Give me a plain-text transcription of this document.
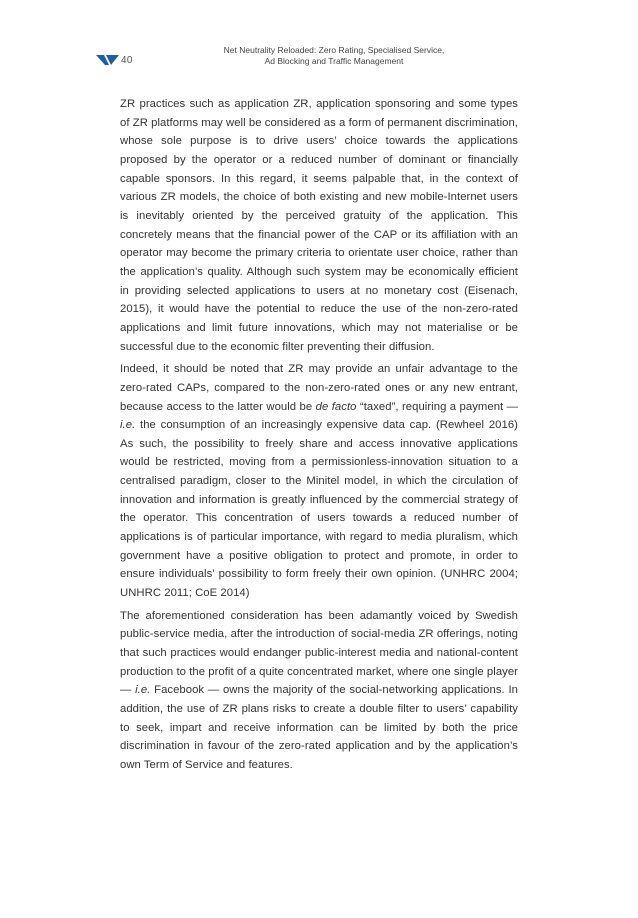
40
Net Neutrality Reloaded: Zero Rating, Specialised Service,
Ad Blocking and Traffic Management

ZR practices such as application ZR, application sponsoring and some types of ZR platforms may well be considered as a form of permanent discrimination, whose sole purpose is to drive users’ choice towards the applications proposed by the operator or a reduced number of dominant or financially capable sponsors. In this regard, it seems palpable that, in the context of various ZR models, the choice of both existing and new mobile-Internet users is inevitably oriented by the perceived gratuity of the application. This concretely means that the financial power of the CAP or its affiliation with an operator may become the primary criteria to orientate user choice, rather than the application’s quality. Although such system may be economically efficient in providing selected applications to users at no monetary cost (Eisenach, 2015), it would have the potential to reduce the use of the non-zero-rated applications and limit future innovations, which may not materialise or be successful due to the economic filter preventing their diffusion.

Indeed, it should be noted that ZR may provide an unfair advantage to the zero-rated CAPs, compared to the non-zero-rated ones or any new entrant, because access to the latter would be de facto “taxed”, requiring a payment — i.e. the consumption of an increasingly expensive data cap. (Rewheel 2016) As such, the possibility to freely share and access innovative applications would be restricted, moving from a permissionless-innovation situation to a centralised paradigm, closer to the Minitel model, in which the circulation of innovation and information is greatly influenced by the commercial strategy of the operator. This concentration of users towards a reduced number of applications is of particular importance, with regard to media pluralism, which government have a positive obligation to protect and promote, in order to ensure individuals’ possibility to form freely their own opinion. (UNHRC 2004; UNHRC 2011; CoE 2014)

The aforementioned consideration has been adamantly voiced by Swedish public-service media, after the introduction of social-media ZR offerings, noting that such practices would endanger public-interest media and national-content production to the profit of a quite concentrated market, where one single player — i.e. Facebook — owns the majority of the social-networking applications. In addition, the use of ZR plans risks to create a double filter to users’ capability to seek, impart and receive information can be limited by both the price discrimination in favour of the zero-rated application and by the application’s own Term of Service and features.
